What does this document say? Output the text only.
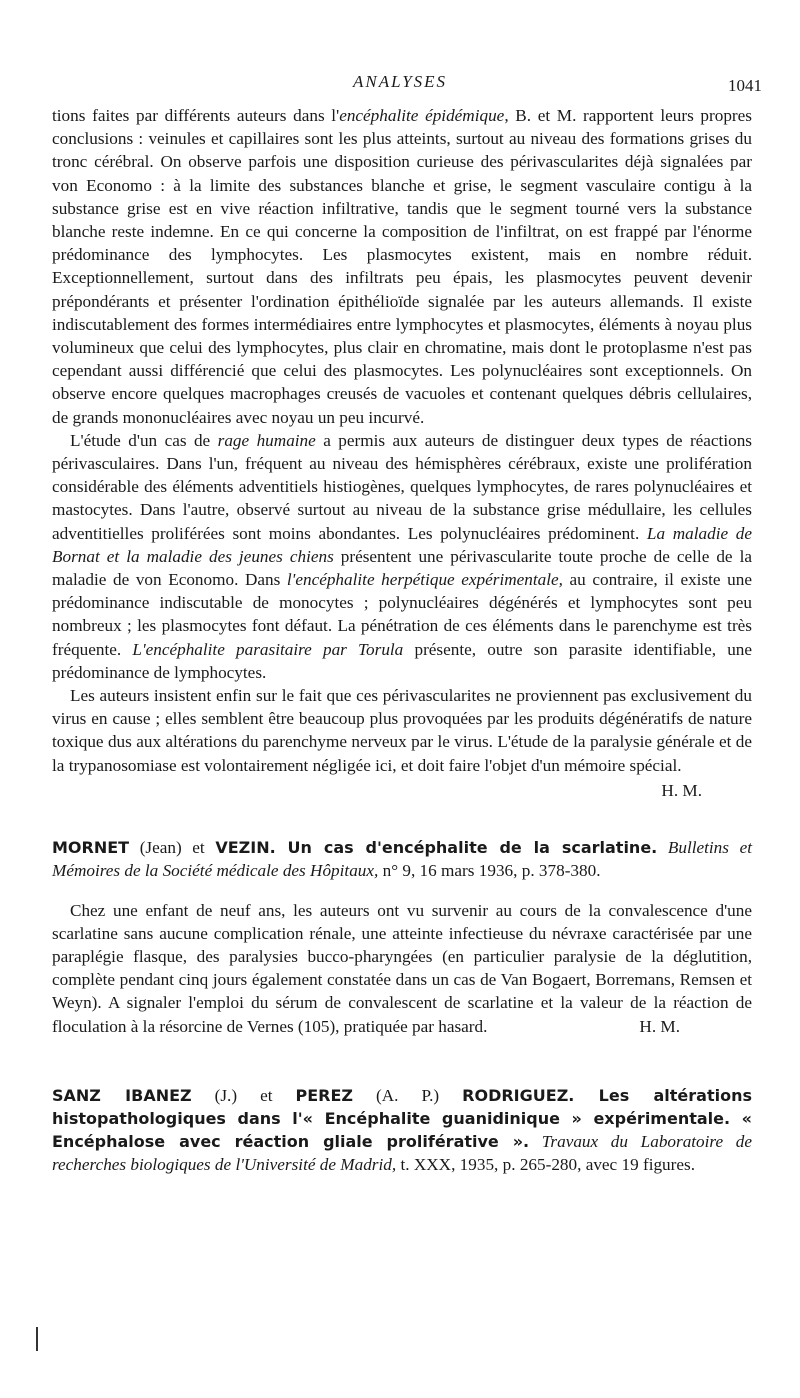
ANALYSES	1041

tions faites par différents auteurs dans l'encéphalite épidémique, B. et M. rapportent leurs propres conclusions : veinules et capillaires sont les plus atteints, surtout au niveau des formations grises du tronc cérébral. On observe parfois une disposition curieuse des périvascularites déjà signalées par von Economo : à la limite des substances blanche et grise, le segment vasculaire contigu à la substance grise est en vive réaction infiltrative, tandis que le segment tourné vers la substance blanche reste indemne. En ce qui concerne la composition de l'infiltrat, on est frappé par l'énorme prédominance des lymphocytes. Les plasmocytes existent, mais en nombre réduit. Exceptionnellement, surtout dans des infiltrats peu épais, les plasmocytes peuvent devenir prépondérants et présenter l'ordination épithélioïde signalée par les auteurs allemands. Il existe indiscutablement des formes intermédiaires entre lymphocytes et plasmocytes, éléments à noyau plus volumineux que celui des lymphocytes, plus clair en chromatine, mais dont le protoplasme n'est pas cependant aussi différencié que celui des plasmocytes. Les polynucléaires sont exceptionnels. On observe encore quelques macrophages creusés de vacuoles et contenant quelques débris cellulaires, de grands mononucléaires avec noyau un peu incurvé.

L'étude d'un cas de rage humaine a permis aux auteurs de distinguer deux types de réactions périvasculaires. Dans l'un, fréquent au niveau des hémisphères cérébraux, existe une prolifération considérable des éléments adventitiels histiogènes, quelques lymphocytes, de rares polynucléaires et mastocytes. Dans l'autre, observé surtout au niveau de la substance grise médullaire, les cellules adventitielles proliférées sont moins abondantes. Les polynucléaires prédominent. La maladie de Bornat et la maladie des jeunes chiens présentent une périvascularite toute proche de celle de la maladie de von Economo. Dans l'encéphalite herpétique expérimentale, au contraire, il existe une prédominance indiscutable de monocytes ; polynucléaires dégénérés et lymphocytes sont peu nombreux ; les plasmocytes font défaut. La pénétration de ces éléments dans le parenchyme est très fréquente. L'encéphalite parasitaire par Torula présente, outre son parasite identifiable, une prédominance de lymphocytes.

Les auteurs insistent enfin sur le fait que ces périvascularites ne proviennent pas exclusivement du virus en cause ; elles semblent être beaucoup plus provoquées par les produits dégénératifs de nature toxique dus aux altérations du parenchyme nerveux par le virus. L'étude de la paralysie générale et de la trypanosomiase est volontairement négligée ici, et doit faire l'objet d'un mémoire spécial.

H. M.

MORNET (Jean) et VEZIN. Un cas d'encéphalite de la scarlatine. Bulletins et Mémoires de la Société médicale des Hôpitaux, n° 9, 16 mars 1936, p. 378-380.

Chez une enfant de neuf ans, les auteurs ont vu survenir au cours de la convalescence d'une scarlatine sans aucune complication rénale, une atteinte infectieuse du névraxe caractérisée par une paraplégie flasque, des paralysies bucco-pharyngées (en particulier paralysie de la déglutition, complète pendant cinq jours également constatée dans un cas de Van Bogaert, Borremans, Remsen et Weyn). A signaler l'emploi du sérum de convalescent de scarlatine et la valeur de la réaction de floculation à la résorcine de Vernes (105), pratiquée par hasard.	H. M.

SANZ IBANEZ (J.) et PEREZ (A. P.) RODRIGUEZ. Les altérations histopathologiques dans l'« Encéphalite guanidinique » expérimentale. « Encéphalose avec réaction gliale proliférative ». Travaux du Laboratoire de recherches biologiques de l'Université de Madrid, t. XXX, 1935, p. 265-280, avec 19 figures.
